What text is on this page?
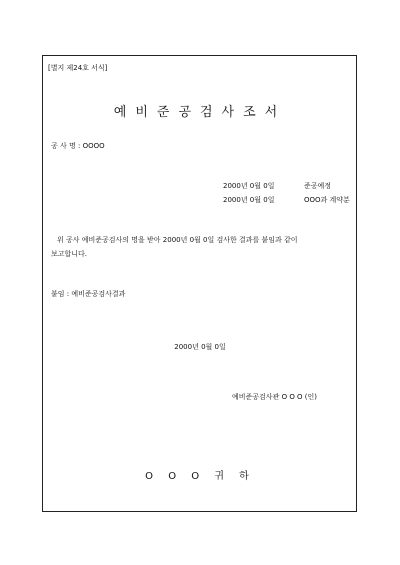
[별지 제24호 서식]
예비준공검사조서
공 사 명 : OOOO
2000년 0월 0일	준공예정
2000년 0월 0일	OOO과 계약분
위 공사 예비준공검사의 명을 받아 2000년 0월 0일 검사한 결과를 붙임과 같이
보고합니다.
붙임 : 예비준공검사결과
2000년 0월 0일
예비준공검사관 O O O (인)
O O O 귀 하
